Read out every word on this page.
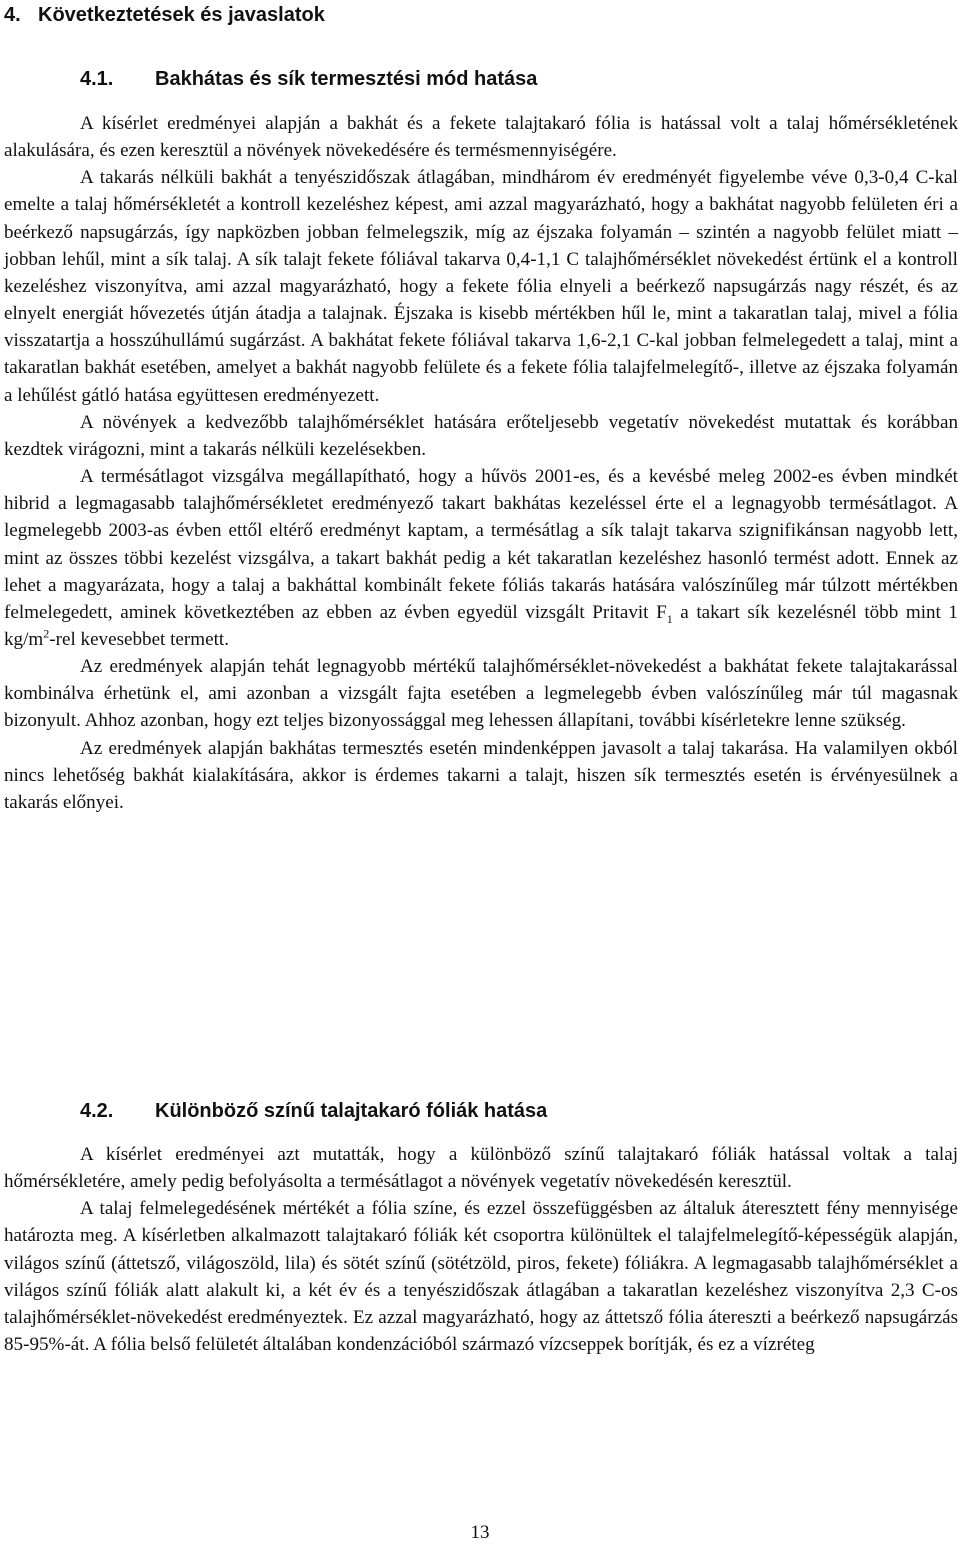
4. Következtetések és javaslatok
4.1. Bakhátas és sík termesztési mód hatása

A kísérlet eredményei alapján a bakhát és a fekete talajtakaró fólia is hatással volt a talaj hőmérsékletének alakulására, és ezen keresztül a növények növekedésére és termésmennyiségére.

A takarás nélküli bakhát a tenyészidőszak átlagában, mindhárom év eredményét figyelembe véve 0,3-0,4 C-kal emelte a talaj hőmérsékletét a kontroll kezeléshez képest, ami azzal magyarázható, hogy a bakhátat nagyobb felületen éri a beérkező napsugárzás, így napközben jobban felmelegszik, míg az éjszaka folyamán – szintén a nagyobb felület miatt – jobban lehűl, mint a sík talaj. A sík talajt fekete fóliával takarva 0,4-1,1 C talajhőmérséklet növekedést értünk el a kontroll kezeléshez viszonyítva, ami azzal magyarázható, hogy a fekete fólia elnyeli a beérkező napsugárzás nagy részét, és az elnyelt energiát hővezetés útján átadja a talajnak. Éjszaka is kisebb mértékben hűl le, mint a takaratlan talaj, mivel a fólia visszatartja a hosszúhullámú sugárzást. A bakhátat fekete fóliával takarva 1,6-2,1 C-kal jobban felmelegedett a talaj, mint a takaratlan bakhát esetében, amelyet a bakhát nagyobb felülete és a fekete fólia talajfelmelegítő-, illetve az éjszaka folyamán a lehűlést gátló hatása együttesen eredményezett.

A növények a kedvezőbb talajhőmérséklet hatására erőteljesebb vegetatív növekedést mutattak és korábban kezdtek virágozni, mint a takarás nélküli kezelésekben.

A termésátlagot vizsgálva megállapítható, hogy a hűvös 2001-es, és a kevésbé meleg 2002-es évben mindkét hibrid a legmagasabb talajhőmérsékletet eredményező takart bakhátas kezeléssel érte el a legnagyobb termésátlagot. A legmelegebb 2003-as évben ettől eltérő eredményt kaptam, a termésátlag a sík talajt takarva szignifikánsan nagyobb lett, mint az összes többi kezelést vizsgálva, a takart bakhát pedig a két takaratlan kezeléshez hasonló termést adott. Ennek az lehet a magyarázata, hogy a talaj a bakháttal kombinált fekete fóliás takarás hatására valószínűleg már túlzott mértékben felmelegedett, aminek következtében az ebben az évben egyedül vizsgált Pritavit $F_1$ a takart sík kezelésnél több mint 1 $kg/m^2$-rel kevesebbet termett.

Az eredmények alapján tehát legnagyobb mértékű talajhőmérséklet-növekedést a bakhátat fekete talajtakarással kombinálva érhetünk el, ami azonban a vizsgált fajta esetében a legmelegebb évben valószínűleg már túl magasnak bizonyult. Ahhoz azonban, hogy ezt teljes bizonyossággal meg lehessen állapítani, további kísérletekre lenne szükség.

Az eredmények alapján bakhátas termesztés esetén mindenképpen javasolt a talaj takarása. Ha valamilyen okból nincs lehetőség bakhát kialakítására, akkor is érdemes takarni a talajt, hiszen sík termesztés esetén is érvényesülnek a takarás előnyei.

4.2. Különböző színű talajtakaró fóliák hatása

A kísérlet eredményei azt mutatták, hogy a különböző színű talajtakaró fóliák hatással voltak a talaj hőmérsékletére, amely pedig befolyásolta a termésátlagot a növények vegetatív növekedésén keresztül.

A talaj felmelegedésének mértékét a fólia színe, és ezzel összefüggésben az általuk áteresztett fény mennyisége határozta meg. A kísérletben alkalmazott talajtakaró fóliák két csoportra különültek el talajfelmelegítő-képességük alapján, világos színű (áttetsző, világoszöld, lila) és sötét színű (sötétzöld, piros, fekete) fóliákra. A legmagasabb talajhőmérséklet a világos színű fóliák alatt alakult ki, a két év és a tenyészidőszak átlagában a takaratlan kezeléshez viszonyítva 2,3 C-os talajhőmérséklet-növekedést eredményeztek. Ez azzal magyarázható, hogy az áttetsző fólia átereszti a beérkező napsugárzás 85-95%-át. A fólia belső felületét általában kondenzációból származó vízcseppek borítják, és ez a vízréteg

13
